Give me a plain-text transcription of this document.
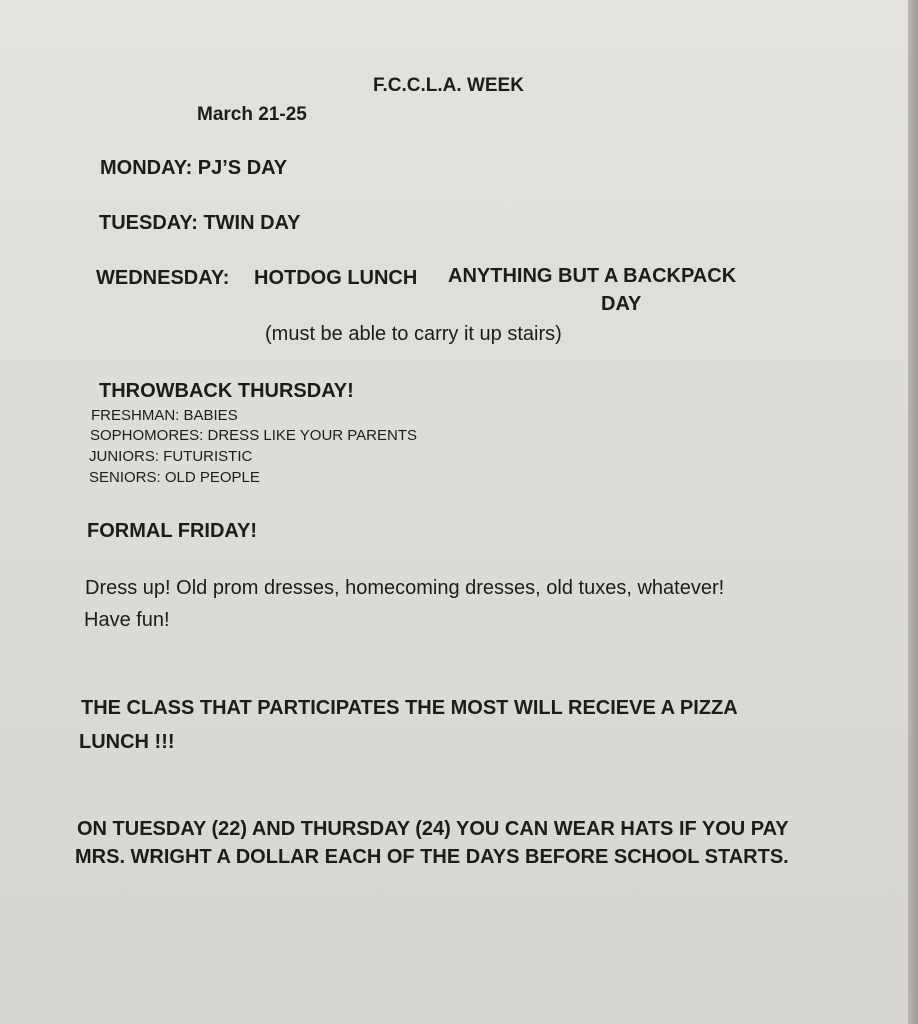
F.C.C.L.A. WEEK

March 21-25

MONDAY: PJ’S DAY

TUESDAY: TWIN DAY

WEDNESDAY: HOTDOG LUNCH ANYTHING BUT A BACKPACK

DAY

(must be able to carry it up stairs)

THROWBACK THURSDAY!

FRESHMAN: BABIES

SOPHOMORES: DRESS LIKE YOUR PARENTS

JUNIORS: FUTURISTIC

SENIORS: OLD PEOPLE

FORMAL FRIDAY!

Dress up! Old prom dresses, homecoming dresses, old tuxes, whatever!

Have fun!

THE CLASS THAT PARTICIPATES THE MOST WILL RECIEVE A PIZZA

LUNCH !!!

ON TUESDAY (22) AND THURSDAY (24) YOU CAN WEAR HATS IF YOU PAY

MRS. WRIGHT A DOLLAR EACH OF THE DAYS BEFORE SCHOOL STARTS.
